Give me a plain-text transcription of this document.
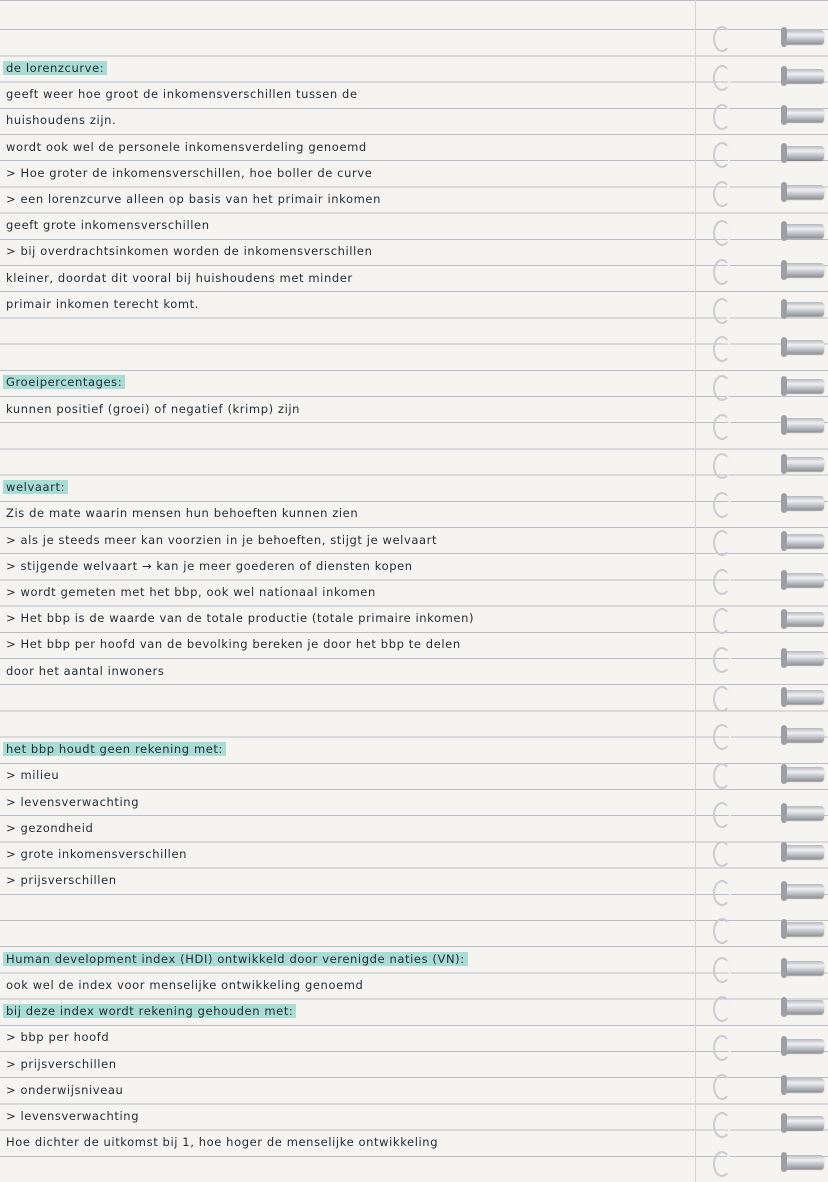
de lorenzcurve:
geeft weer hoe groot de inkomensverschillen tussen de
huishoudens zijn.
wordt ook wel de personele inkomensverdeling genoemd
> Hoe groter de inkomensverschillen, hoe boller de curve
> een lorenzcurve alleen op basis van het primair inkomen
geeft grote inkomensverschillen
> bij overdrachtsinkomen worden de inkomensverschillen
kleiner, doordat dit vooral bij huishoudens met minder
primair inkomen terecht komt.
Groeipercentages:
kunnen positief (groei) of negatief (krimp) zijn
welvaart:
Zis de mate waarin mensen hun behoeften kunnen zien
> als je steeds meer kan voorzien in je behoeften, stijgt je welvaart
> stijgende welvaart → kan je meer goederen of diensten kopen
> wordt gemeten met het bbp, ook wel nationaal inkomen
> Het bbp is de waarde van de totale productie (totale primaire inkomen)
> Het bbp per hoofd van de bevolking bereken je door het bbp te delen
door het aantal inwoners
het bbp houdt geen rekening met:
> milieu
> levensverwachting
> gezondheid
> grote inkomensverschillen
> prijsverschillen
Human development index (HDI) ontwikkeld door verenigde naties (VN):
ook wel de index voor menselijke ontwikkeling genoemd
bij deze index wordt rekening gehouden met:
> bbp per hoofd
> prijsverschillen
> onderwijsniveau
> levensverwachting
Hoe dichter de uitkomst bij 1, hoe hoger de menselijke ontwikkeling
